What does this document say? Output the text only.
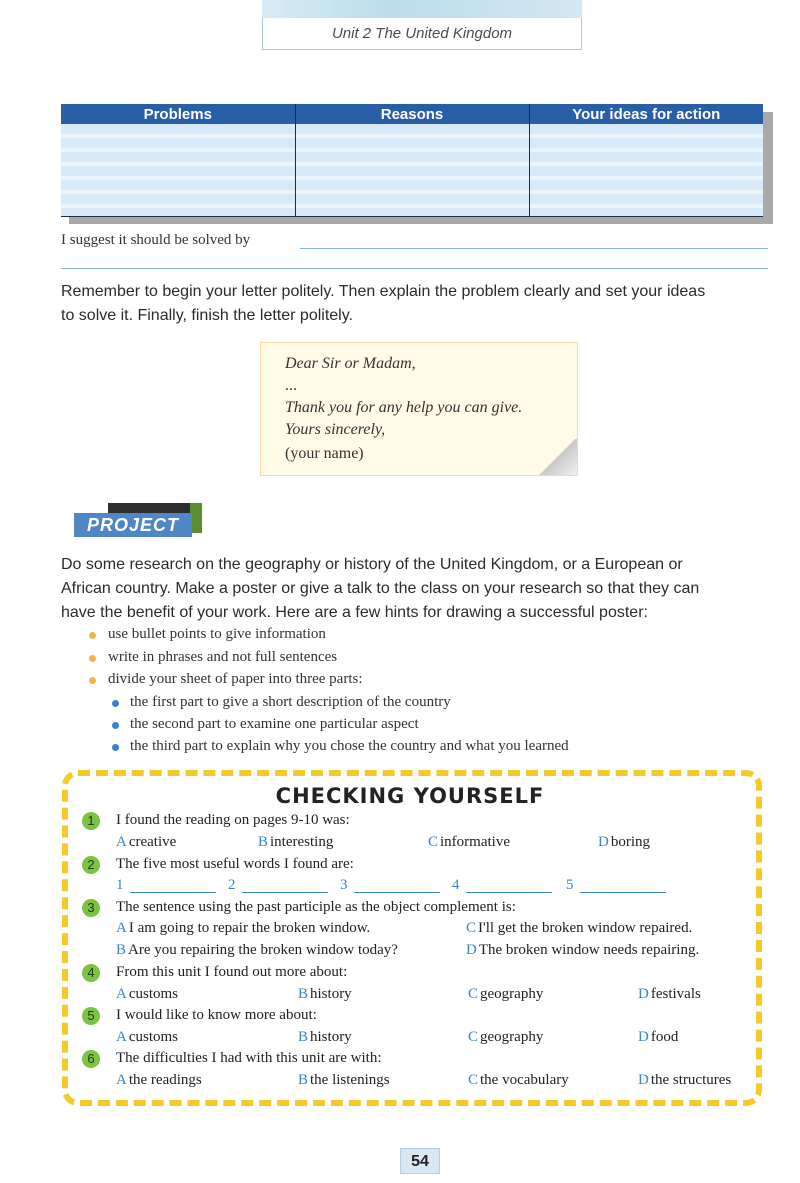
Unit 2 The United Kingdom
Problems	Reasons	Your ideas for action

I suggest it should be solved by
Remember to begin your letter politely. Then explain the problem clearly and set your ideas
to solve it. Finally, finish the letter politely.
Dear Sir or Madam,
...
Thank you for any help you can give.
Yours sincerely,
(your name)
PROJECT
Do some research on the geography or history of the United Kingdom, or a European or
African country. Make a poster or give a talk to the class on your research so that they can
have the benefit of your work. Here are a few hints for drawing a successful poster:
use bullet points to give information
write in phrases and not full sentences
divide your sheet of paper into three parts:
the first part to give a short description of the country
the second part to examine one particular aspect
the third part to explain why you chose the country and what you learned
CHECKING YOURSELF
1	I found the reading on pages 9-10 was:
A creative	B interesting	C informative	D boring
2	The five most useful words I found are:
1	2	3	4	5
3	The sentence using the past participle as the object complement is:
A I am going to repair the broken window.	C I'll get the broken window repaired.
B Are you repairing the broken window today?	D The broken window needs repairing.
4	From this unit I found out more about:
A customs	B history	C geography	D festivals
5	I would like to know more about:
A customs	B history	C geography	D food
6	The difficulties I had with this unit are with:
A the readings	B the listenings	C the vocabulary	D the structures
54
